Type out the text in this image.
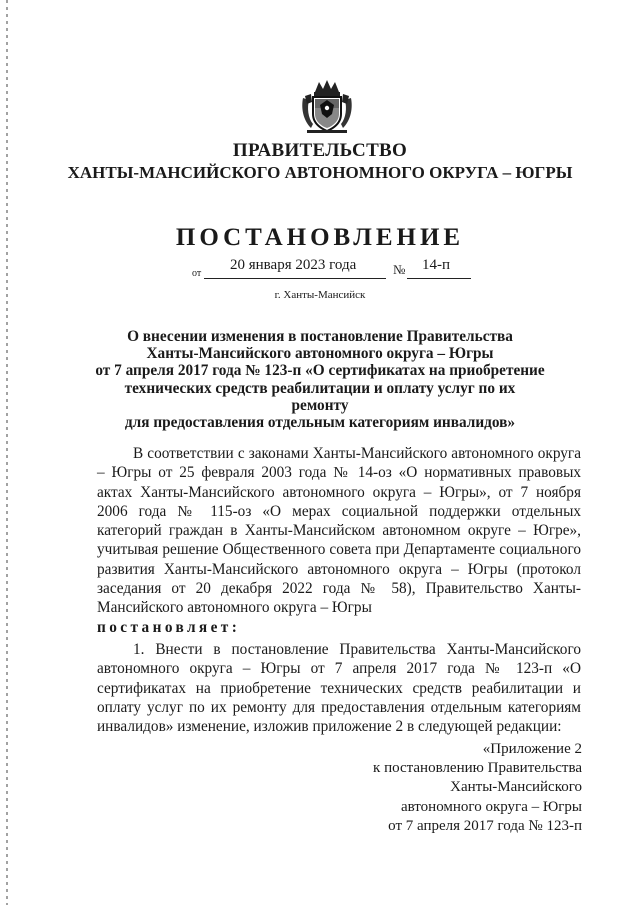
ПРАВИТЕЛЬСТВО
ХАНТЫ-МАНСИЙСКОГО АВТОНОМНОГО ОКРУГА – ЮГРЫ
ПОСТАНОВЛЕНИЕ
от
20 января 2023 года	№ 14-п
г. Ханты-Мансийск
О внесении изменения в постановление Правительства
Ханты-Мансийского автономного округа – Югры
от 7 апреля 2017 года № 123-п «О сертификатах на приобретение
технических средств реабилитации и оплату услуг по их ремонту
для предоставления отдельным категориям инвалидов»

В соответствии с законами Ханты-Мансийского автономного округа – Югры от 25 февраля 2003 года № 14-оз «О нормативных правовых актах Ханты-Мансийского автономного округа – Югры», от 7 ноября 2006 года № 115-оз «О мерах социальной поддержки отдельных категорий граждан в Ханты-Мансийском автономном округе – Югре», учитывая решение Общественного совета при Департаменте социального развития Ханты-Мансийского автономного округа – Югры (протокол заседания от 20 декабря 2022 года № 58), Правительство Ханты-Мансийского автономного округа – Югры
постановляет:

1. Внести в постановление Правительства Ханты-Мансийского автономного округа – Югры от 7 апреля 2017 года № 123-п «О сертификатах на приобретение технических средств реабилитации и оплату услуг по их ремонту для предоставления отдельным категориям инвалидов» изменение, изложив приложение 2 в следующей редакции:

«Приложение 2
к постановлению Правительства
Ханты-Мансийского
автономного округа – Югры
от 7 апреля 2017 года № 123-п
